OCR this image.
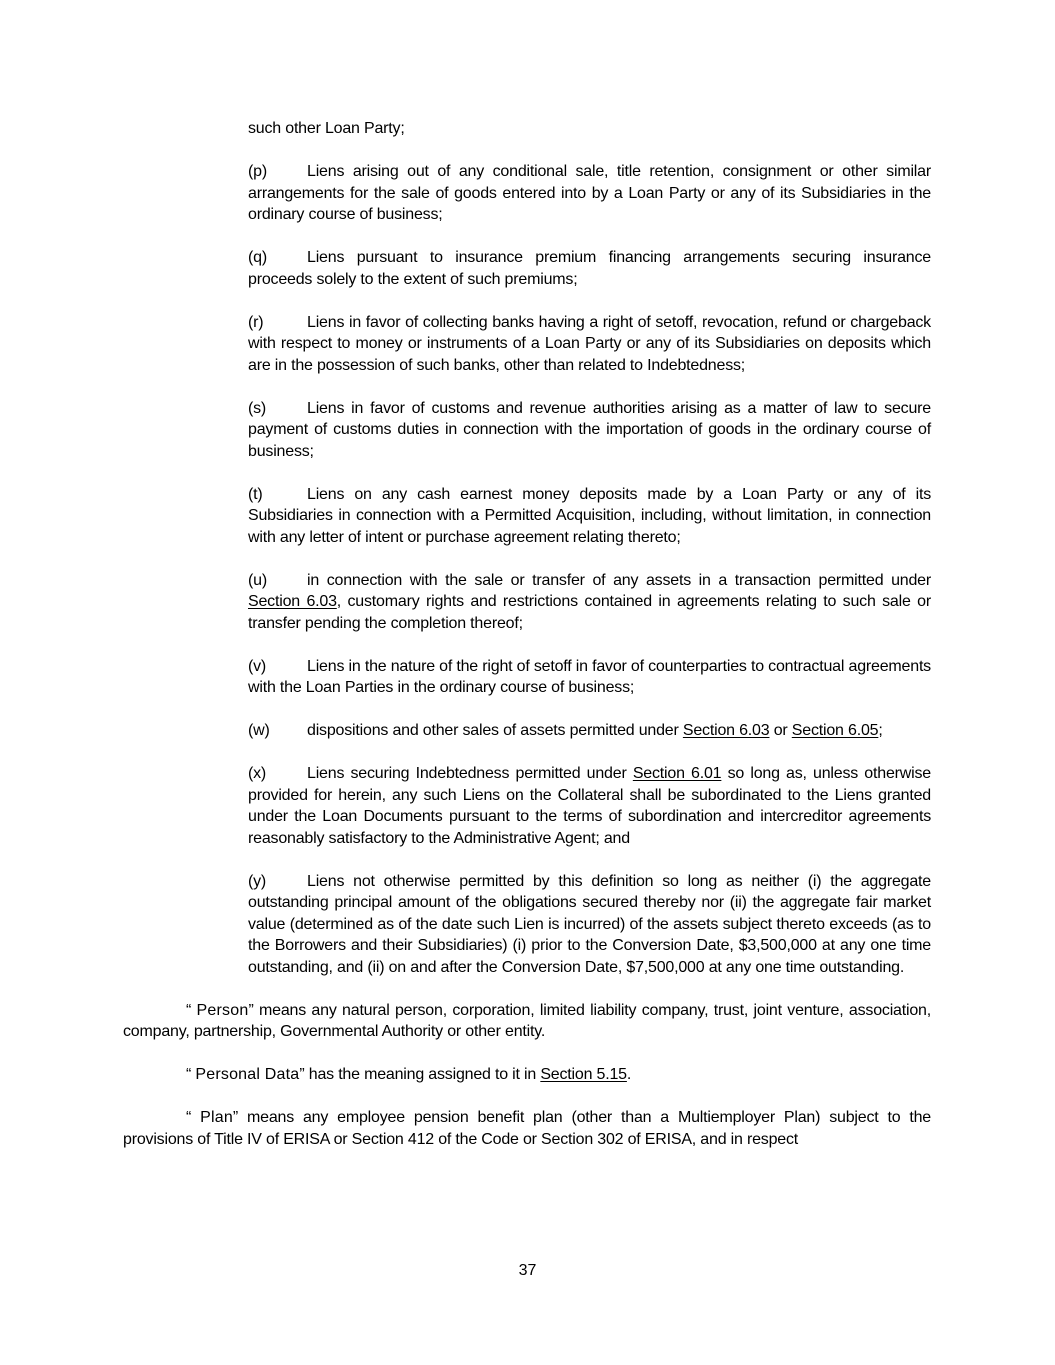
such other Loan Party;

(p)	Liens arising out of any conditional sale, title retention, consignment or other similar arrangements for the sale of goods entered into by a Loan Party or any of its Subsidiaries in the ordinary course of business;

(q)	Liens pursuant to insurance premium financing arrangements securing insurance proceeds solely to the extent of such premiums;

(r)	Liens in favor of collecting banks having a right of setoff, revocation, refund or chargeback with respect to money or instruments of a Loan Party or any of its Subsidiaries on deposits which are in the possession of such banks, other than related to Indebtedness;

(s)	Liens in favor of customs and revenue authorities arising as a matter of law to secure payment of customs duties in connection with the importation of goods in the ordinary course of business;

(t)	Liens on any cash earnest money deposits made by a Loan Party or any of its Subsidiaries in connection with a Permitted Acquisition, including, without limitation, in connection with any letter of intent or purchase agreement relating thereto;

(u)	in connection with the sale or transfer of any assets in a transaction permitted under Section 6.03, customary rights and restrictions contained in agreements relating to such sale or transfer pending the completion thereof;

(v)	Liens in the nature of the right of setoff in favor of counterparties to contractual agreements with the Loan Parties in the ordinary course of business;

(w) dispositions and other sales of assets permitted under Section 6.03 or Section 6.05;

(x)	Liens securing Indebtedness permitted under Section 6.01 so long as, unless otherwise provided for herein, any such Liens on the Collateral shall be subordinated to the Liens granted under the Loan Documents pursuant to the terms of subordination and intercreditor agreements reasonably satisfactory to the Administrative Agent; and

(y)	Liens not otherwise permitted by this definition so long as neither (i) the aggregate outstanding principal amount of the obligations secured thereby nor (ii) the aggregate fair market value (determined as of the date such Lien is incurred) of the assets subject thereto exceeds (as to the Borrowers and their Subsidiaries) (i) prior to the Conversion Date, $3,500,000 at any one time outstanding, and (ii) on and after the Conversion Date, $7,500,000 at any one time outstanding.

“ Person” means any natural person, corporation, limited liability company, trust, joint venture, association, company, partnership, Governmental Authority or other entity.

“ Personal Data” has the meaning assigned to it in Section 5.15.

“ Plan” means any employee pension benefit plan (other than a Multiemployer Plan) subject to the provisions of Title IV of ERISA or Section 412 of the Code or Section 302 of ERISA, and in respect

37
